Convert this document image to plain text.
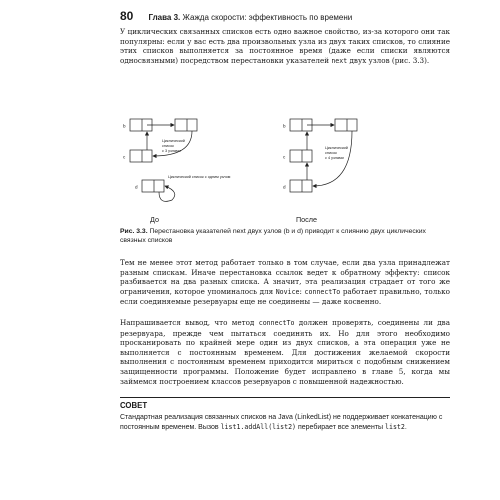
80 Глава 3. Жажда скорости: эффективность по времени
У циклических связанных списков есть одно важное свойство, из-за которого они так популярны: если у вас есть два произвольных узла из двух таких списков, то слияние этих списков выполняется за постоянное время (даже если списки являются односвязными) посредством перестановки указателей next двух узлов (рис. 3.3).
b
c
d
b
c
d
Циклический
список
с 3 узлами
Циклический список с одним узлом
Циклический
список
с 4 узлами
До	После
Рис. 3.3. Перестановка указателей next двух узлов (b и d) приводит к слиянию двух циклических связных списков
Тем не менее этот метод работает только в том случае, если два узла принадлежат разным спискам. Иначе перестановка ссылок ведет к обратному эффекту: список разбивается на два разных списка. А значит, эта реализация страдает от того же ограничения, которое упоминалось для Novice: connectTo работает правильно, только если соединяемые резервуары еще не соединены — даже косвенно.
Напрашивается вывод, что метод connectTo должен проверять, соединены ли два резервуара, прежде чем пытаться соединять их. Но для этого необходимо просканировать по крайней мере один из двух списков, а эта операция уже не выполняется с постоянным временем. Для достижения желаемой скорости выполнения с постоянным временем приходится мириться с подобным снижением защищенности программы. Положение будет исправлено в главе 5, когда мы займемся построением классов резервуаров с повышенной надежностью.
СОВЕТ
Стандартная реализация связанных списков на Java (LinkedList) не поддерживает конкатенацию с постоянным временем. Вызов list1.addAll(list2) перебирает все элементы list2.
